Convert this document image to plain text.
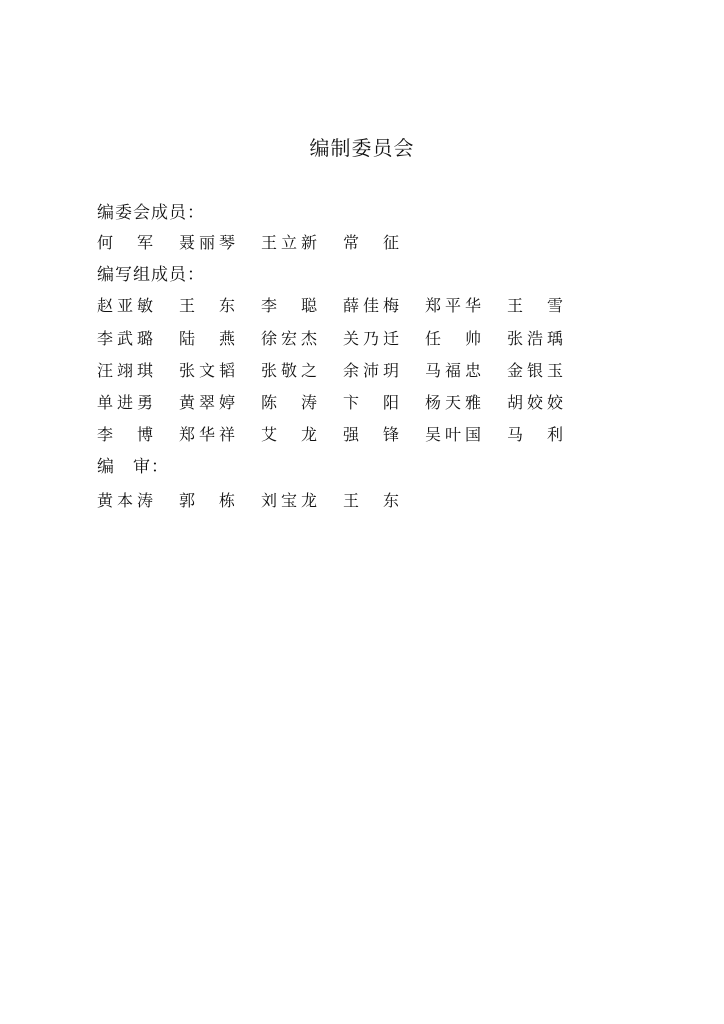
编制委员会
编委会成员：
何 军 聂 丽 琴 王 立 新 常 征
编写组成员：
赵 亚 敏 王 东 李 聪 薛 佳 梅 郑 平 华 王 雪
李 武 璐 陆 燕 徐 宏 杰 关 乃 迁 任 帅 张 浩 瑀
汪 翊 琪 张 文 韬 张 敬 之 余 沛 玥 马 福 忠 金 银 玉
单 进 勇 黄 翠 婷 陈 涛 卞 阳 杨 天 雅 胡 姣 姣
李 博 郑 华 祥 艾 龙 强 锋 吴 叶 国 马 利
编　审：
黄 本 涛 郭 栋 刘 宝 龙 王 东
